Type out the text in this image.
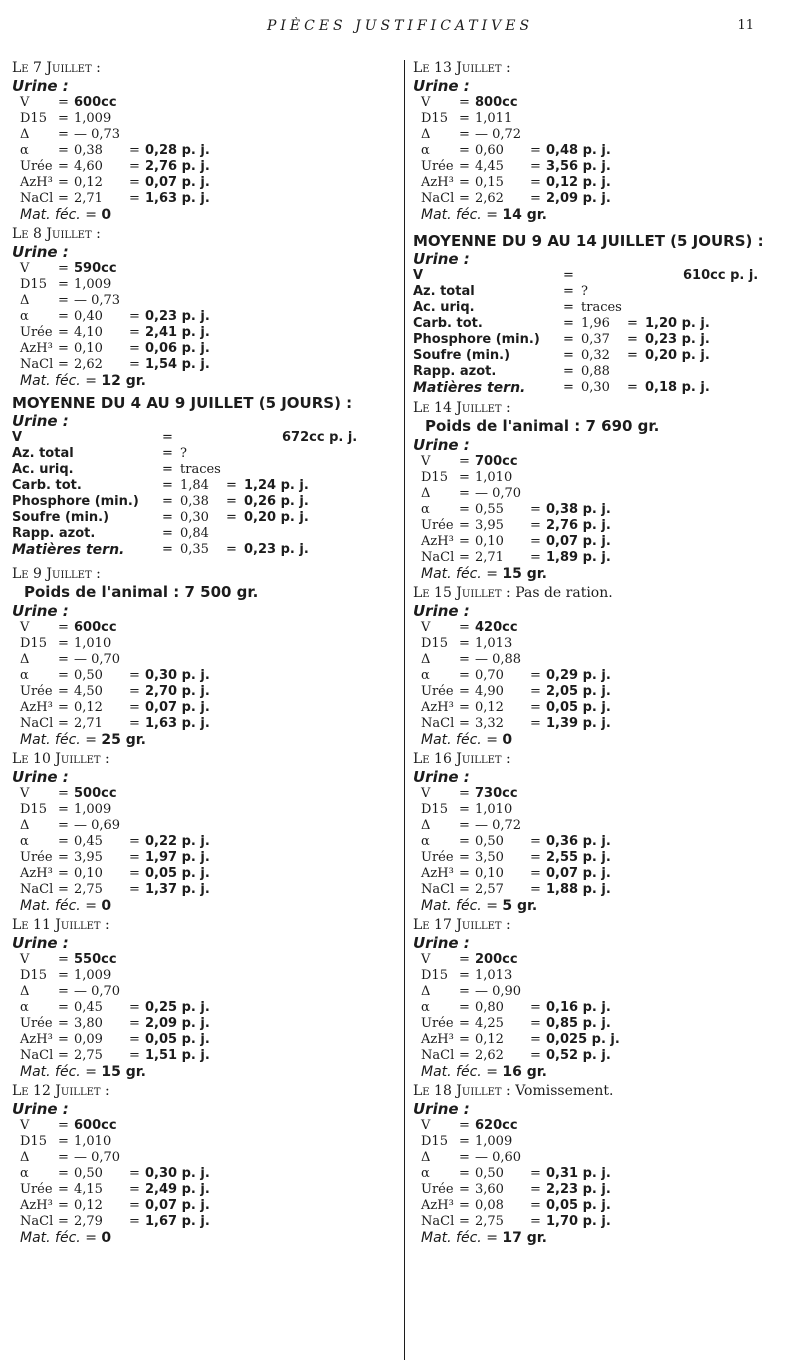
PIÈCES JUSTIFICATIVES	11
Le 7 Juillet :
Urine :
V = 600cc
D15 = 1,009
Δ = — 0,73
α = 0,38 = 0,28 p. j.
Urée = 4,60 = 2,76 p. j.
AzH³ = 0,12 = 0,07 p. j.
NaCl = 2,71 = 1,63 p. j.
Mat. féc. = 0
Le 8 Juillet :
Urine :
V = 590cc
D15 = 1,009
Δ = — 0,73
α = 0,40 = 0,23 p. j.
Urée = 4,10 = 2,41 p. j.
AzH³ = 0,10 = 0,06 p. j.
NaCl = 2,62 = 1,54 p. j.
Mat. féc. = 12 gr.
MOYENNE DU 4 AU 9 JUILLET (5 JOURS) :
Urine :
V	=	672cc p. j.
Az. total	= ?
Ac. uriq.	= traces
Carb. tot.	= 1,84 = 1,24 p. j.
Phosphore (min.) = 0,38 = 0,26 p. j.
Soufre (min.)	= 0,30 = 0,20 p. j.
Rapp. azot.	= 0,84
Matières tern.	= 0,35 = 0,23 p. j.
Le 9 Juillet :
Poids de l'animal : 7 500 gr.
Urine :
V = 600cc
D15 = 1,010
Δ = — 0,70
α = 0,50 = 0,30 p. j.
Urée = 4,50 = 2,70 p. j.
AzH³ = 0,12 = 0,07 p. j.
NaCl = 2,71 = 1,63 p. j.
Mat. féc. = 25 gr.
Le 10 Juillet :
Urine :
V = 500cc
D15 = 1,009
Δ = — 0,69
α = 0,45 = 0,22 p. j.
Urée = 3,95 = 1,97 p. j.
AzH³ = 0,10 = 0,05 p. j.
NaCl = 2,75 = 1,37 p. j.
Mat. féc. = 0
Le 11 Juillet :
Urine :
V = 550cc
D15 = 1,009
Δ = — 0,70
α = 0,45 = 0,25 p. j.
Urée = 3,80 = 2,09 p. j.
AzH³ = 0,09 = 0,05 p. j.
NaCl = 2,75 = 1,51 p. j.
Mat. féc. = 15 gr.
Le 12 Juillet :
Urine :
V = 600cc
D15 = 1,010
Δ = — 0,70
α = 0,50 = 0,30 p. j.
Urée = 4,15 = 2,49 p. j.
AzH³ = 0,12 = 0,07 p. j.
NaCl = 2,79 = 1,67 p. j.
Mat. féc. = 0
Le 13 Juillet :
Urine :
V = 800cc
D15 = 1,011
Δ = — 0,72
α = 0,60 = 0,48 p. j.
Urée = 4,45 = 3,56 p. j.
AzH³ = 0,15 = 0,12 p. j.
NaCl = 2,62 = 2,09 p. j.
Mat. féc. = 14 gr.
MOYENNE DU 9 AU 14 JUILLET (5 JOURS) :
Urine :
V	=	610cc p. j.
Az. total	= ?
Ac. uriq.	= traces
Carb. tot.	= 1,96 = 1,20 p. j.
Phosphore (min.) = 0,37 = 0,23 p. j.
Soufre (min.)	= 0,32 = 0,20 p. j.
Rapp. azot.	= 0,88
Matières tern.	= 0,30 = 0,18 p. j.
Le 14 Juillet :
Poids de l'animal : 7 690 gr.
Urine :
V = 700cc
D15 = 1,010
Δ = — 0,70
α = 0,55 = 0,38 p. j.
Urée = 3,95 = 2,76 p. j.
AzH³ = 0,10 = 0,07 p. j.
NaCl = 2,71 = 1,89 p. j.
Mat. féc. = 15 gr.
Le 15 Juillet : Pas de ration.
Urine :
V = 420cc
D15 = 1,013
Δ = — 0,88
α = 0,70 = 0,29 p. j.
Urée = 4,90 = 2,05 p. j.
AzH³ = 0,12 = 0,05 p. j.
NaCl = 3,32 = 1,39 p. j.
Mat. féc. = 0
Le 16 Juillet :
Urine :
V = 730cc
D15 = 1,010
Δ = — 0,72
α = 0,50 = 0,36 p. j.
Urée = 3,50 = 2,55 p. j.
AzH³ = 0,10 = 0,07 p. j.
NaCl = 2,57 = 1,88 p. j.
Mat. féc. = 5 gr.
Le 17 Juillet :
Urine :
V = 200cc
D15 = 1,013
Δ = — 0,90
α = 0,80 = 0,16 p. j.
Urée = 4,25 = 0,85 p. j.
AzH³ = 0,12 = 0,025 p. j.
NaCl = 2,62 = 0,52 p. j.
Mat. féc. = 16 gr.
Le 18 Juillet : Vomissement.
Urine :
V = 620cc
D15 = 1,009
Δ = — 0,60
α = 0,50 = 0,31 p. j.
Urée = 3,60 = 2,23 p. j.
AzH³ = 0,08 = 0,05 p. j.
NaCl = 2,75 = 1,70 p. j.
Mat. féc. = 17 gr.
